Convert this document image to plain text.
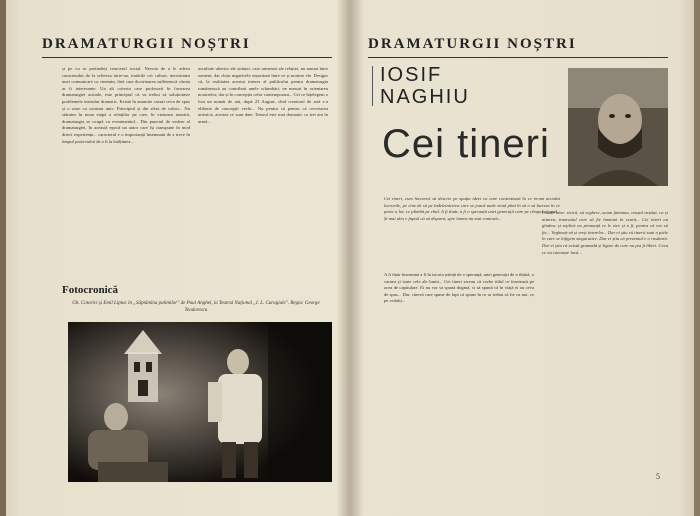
DRAMATURGII NOȘTRI

și pe cu se pretindeți cearcerul social. Nevoia de a le adeva caracterului de la televiza turie-ua, tratările cei culturi, necesitatea unei comunicare ca cinemin, fără care doctrinarea sufletească căruia ar fi interesante. Un alt criteriu care profesorii în favoarea dramaturgiei actuale, este principiul că va trebui să soluționeze problemele teatrului dramatic. Există în anumite cazuri ceva de spus și o stare cu contrast unic. Principiul și din sfera de valori... Nu stăruim în noua etapă a relațiilor pe care, în viziunea noastră, dramaturgia se ocupă cu evenimentul... Din punctul de vedere al dramaturgiei, în această epocă un autor care își transpune în mod direct experiența... caracterul e o importanță însemnată de a trece în timpul proiectului de a fi la înălțimea...

ascultate ulterior ale științei, care urmează ale relației, nu numai între oameni, dar chiar negativele reportiuni între ce și noastre ele. Desigur că, la realitatea acestui interes al publicului pentru dramaturgia românească au contribuit unele schimbări, ne mesuri în orientarea noastrelor, dar și în concepția celor contemporani... Cei ce înțelegem o fost un număr de ani, după 23 August, cînd creatorul de artă s-a eliberat de concepții vechi... Nu pentru că pentru că cercetarea artistică, acestea ce sunt date. Teatrul este mai dramatic ca trei ani în urmă...

Fotocronică
Gh. Cotorici și Emil Liptac în „Săptămîna patimilor" de Paul Anghel, la Teatrul Național „I. L. Caragiale". Regia: George Teodorescu
DRAMATURGII NOȘTRI
IOSIF
NAGHIU
Cei tineri

Cei tineri, cum încearcă să descrie pe spațiu ideei cu care contestează în ce m-am acordat lucrurile, pe cine de să pe îndeletnicirea care se joacă unde viată pînă în să o să lucreze în ce parte a lor, ce plimbă pe rînd. A fi tînăr, a fi o speranță unei generații care pe cîmpul cîmpul... Și mai ales e faptul că să dispară, spre lumea nu mai contestă...

A fi tînăr înseamnă a fi în istoria știință de o speranță, unei generații de o tînără, o carnea și toate cele ale lumii... Cei tineri ziceau că vorbe titlul ce însetează pe acea de capitulare. Ei nu vor să spună dogmă, ci să spună că în viață ei au ceva de spus... Dar, cinevă care spune de fapt că spune în ce ar trebui să fie cu noi, ce pe ceilalți...

Foarte bine: strică, să veghere, acum fantoma, orașul neștiut, ca și uitarea, tramvaiul care să fie luminat în seară... Cei tineri nu gîndesc și replică nu pronunță ce le zice și a fi, pentru că vor să fie... Vegheați-vă și vreți tinerelor... Dar ei știu că tinerii sunt o piele în care se înfigem singuratice. Dar ei știu că prezentul e o rusătură. Dar ei știu că există gramadă și ligare de care nu pot fi liberi. Ceea ce nu cunoaște încă...

5
